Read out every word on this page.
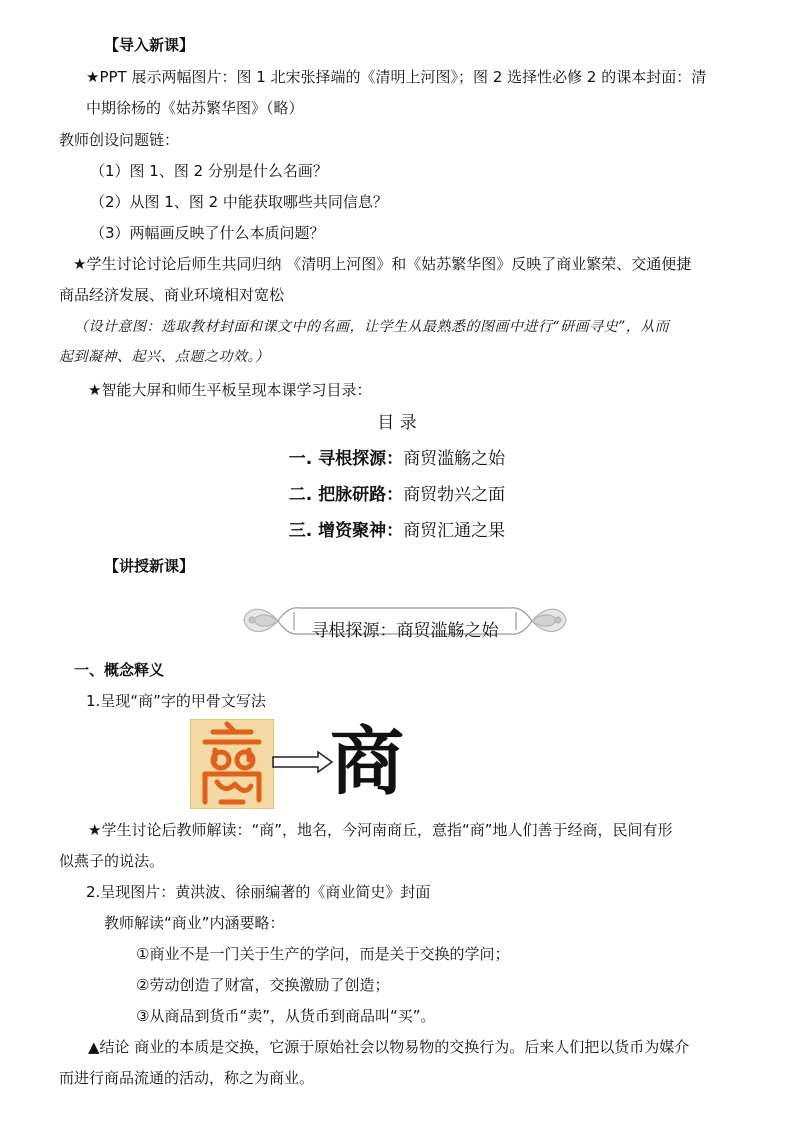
【导入新课】
★PPT 展示两幅图片：图 1 北宋张择端的《清明上河图》；图 2 选择性必修 2 的课本封面：清
中期徐杨的《姑苏繁华图》（略）
教师创设问题链：
（1）图 1、图 2 分别是什么名画？
（2）从图 1、图 2 中能获取哪些共同信息？
（3）两幅画反映了什么本质问题？
★学生讨论讨论后师生共同归纳 《清明上河图》和《姑苏繁华图》反映了商业繁荣、交通便捷
商品经济发展、商业环境相对宽松
（设计意图：选取教材封面和课文中的名画，让学生从最熟悉的图画中进行“研画寻史”，从而
起到凝神、起兴、点题之功效。）
★智能大屏和师生平板呈现本课学习目录：
目 录
一. 寻根探源：商贸滥觞之始
二. 把脉研路：商贸勃兴之面
三. 增资聚神：商贸汇通之果
【讲授新课】
寻根探源：商贸滥觞之始
一、概念释义
1.呈现“商”字的甲骨文写法
商
★学生讨论后教师解读：“商”，地名，今河南商丘，意指“商”地人们善于经商，民间有形
似燕子的说法。
2.呈现图片：黄洪波、徐丽编著的《商业简史》封面
教师解读“商业”内涵要略：
①商业不是一门关于生产的学问，而是关于交换的学问；
②劳动创造了财富，交换激励了创造；
③从商品到货币“卖”，从货币到商品叫“买”。
▲结论 商业的本质是交换，它源于原始社会以物易物的交换行为。后来人们把以货币为媒介
而进行商品流通的活动，称之为商业。
